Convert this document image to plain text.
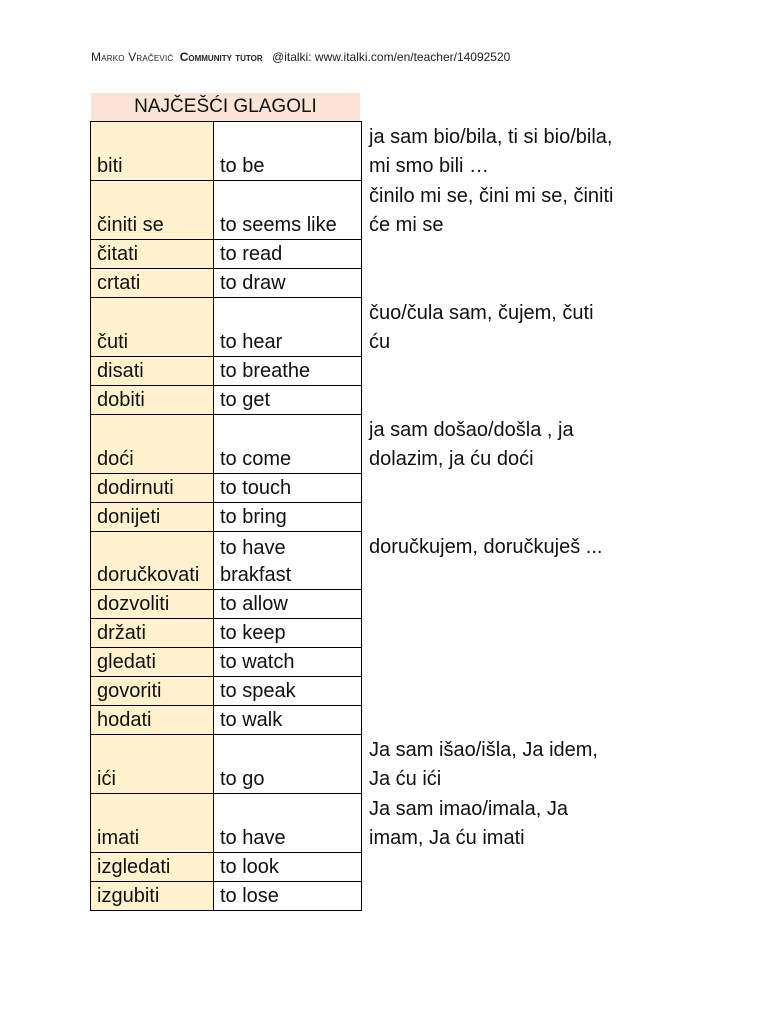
Marko Vračević Community tutor @italki: www.italki.com/en/teacher/14092520
NAJČEŠĆI GLAGOLI
biti	to be	ja sam bio/bila, ti si bio/bila, mi smo bili …
činiti se	to seems like	činilo mi se, čini mi se, činiti će mi se
čitati	to read	
crtati	to draw	
čuti	to hear	čuo/čula sam, čujem, čuti ću
disati	to breathe	
dobiti	to get	
doći	to come	ja sam došao/došla , ja dolazim, ja ću doći
dodirnuti	to touch	
donijeti	to bring	
doručkovati	to have brakfast	doručkujem, doručkuješ ...
dozvoliti	to allow	
držati	to keep	
gledati	to watch	
govoriti	to speak	
hodati	to walk	
ići	to go	Ja sam išao/išla, Ja idem, Ja ću ići
imati	to have	Ja sam imao/imala, Ja imam, Ja ću imati
izgledati	to look	
izgubiti	to lose	
